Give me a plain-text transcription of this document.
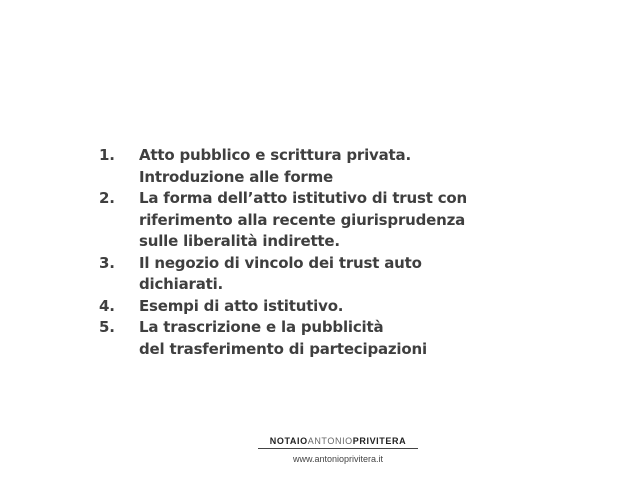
1.	Atto pubblico e scrittura privata.
Introduzione alle forme
2.	La forma dell’atto istitutivo di trust con
riferimento alla recente giurisprudenza
sulle liberalità indirette.
3.	Il negozio di vincolo dei trust auto
dichiarati.
4.	Esempi di atto istitutivo.
5.	La trascrizione e la pubblicità
del trasferimento di partecipazioni
NOTAIOANTONIOPRIVITERA
www.antonioprivitera.it
